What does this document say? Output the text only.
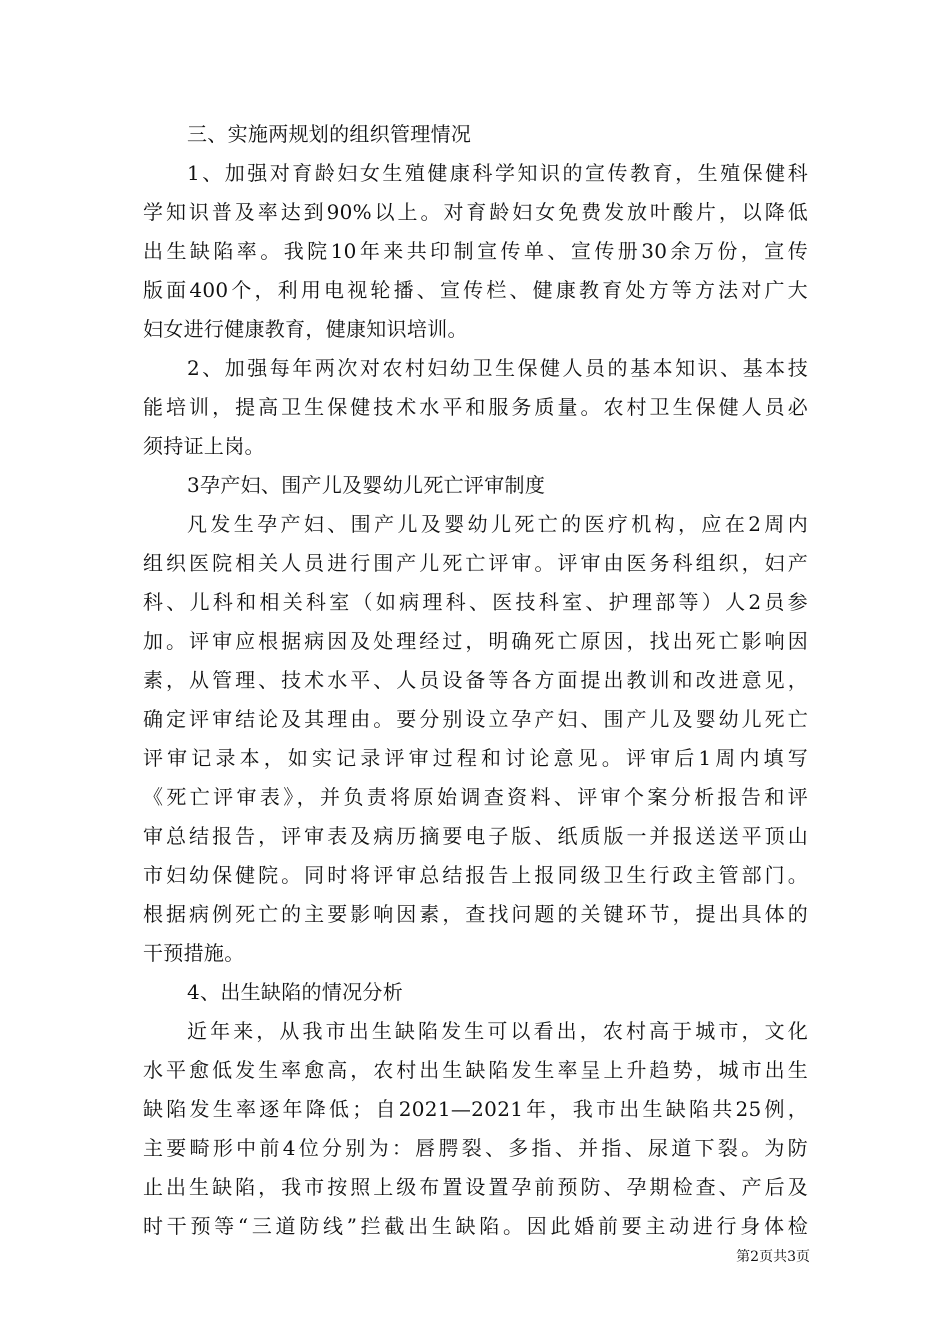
三、实施两规划的组织管理情况
1、加强对育龄妇女生殖健康科学知识的宣传教育，生殖保健科
学知识普及率达到90%以上。对育龄妇女免费发放叶酸片，以降低
出生缺陷率。我院10年来共印制宣传单、宣传册30余万份，宣传
版面400个，利用电视轮播、宣传栏、健康教育处方等方法对广大
妇女进行健康教育，健康知识培训。
2、加强每年两次对农村妇幼卫生保健人员的基本知识、基本技
能培训，提高卫生保健技术水平和服务质量。农村卫生保健人员必
须持证上岗。
3孕产妇、围产儿及婴幼儿死亡评审制度
凡发生孕产妇、围产儿及婴幼儿死亡的医疗机构，应在2周内
组织医院相关人员进行围产儿死亡评审。评审由医务科组织，妇产
科、儿科和相关科室（如病理科、医技科室、护理部等）人2员参
加。评审应根据病因及处理经过，明确死亡原因，找出死亡影响因
素，从管理、技术水平、人员设备等各方面提出教训和改进意见，
确定评审结论及其理由。要分别设立孕产妇、围产儿及婴幼儿死亡
评审记录本，如实记录评审过程和讨论意见。评审后1周内填写
《死亡评审表》，并负责将原始调查资料、评审个案分析报告和评
审总结报告，评审表及病历摘要电子版、纸质版一并报送送平顶山
市妇幼保健院。同时将评审总结报告上报同级卫生行政主管部门。
根据病例死亡的主要影响因素，查找问题的关键环节，提出具体的
干预措施。
4、出生缺陷的情况分析
近年来，从我市出生缺陷发生可以看出，农村高于城市，文化
水平愈低发生率愈高，农村出生缺陷发生率呈上升趋势，城市出生
缺陷发生率逐年降低；自2021—2021年，我市出生缺陷共25例，
主要畸形中前4位分别为：唇腭裂、多指、并指、尿道下裂。为防
止出生缺陷，我市按照上级布置设置孕前预防、孕期检查、产后及
时干预等“三道防线”拦截出生缺陷。因此婚前要主动进行身体检
第2页共3页
